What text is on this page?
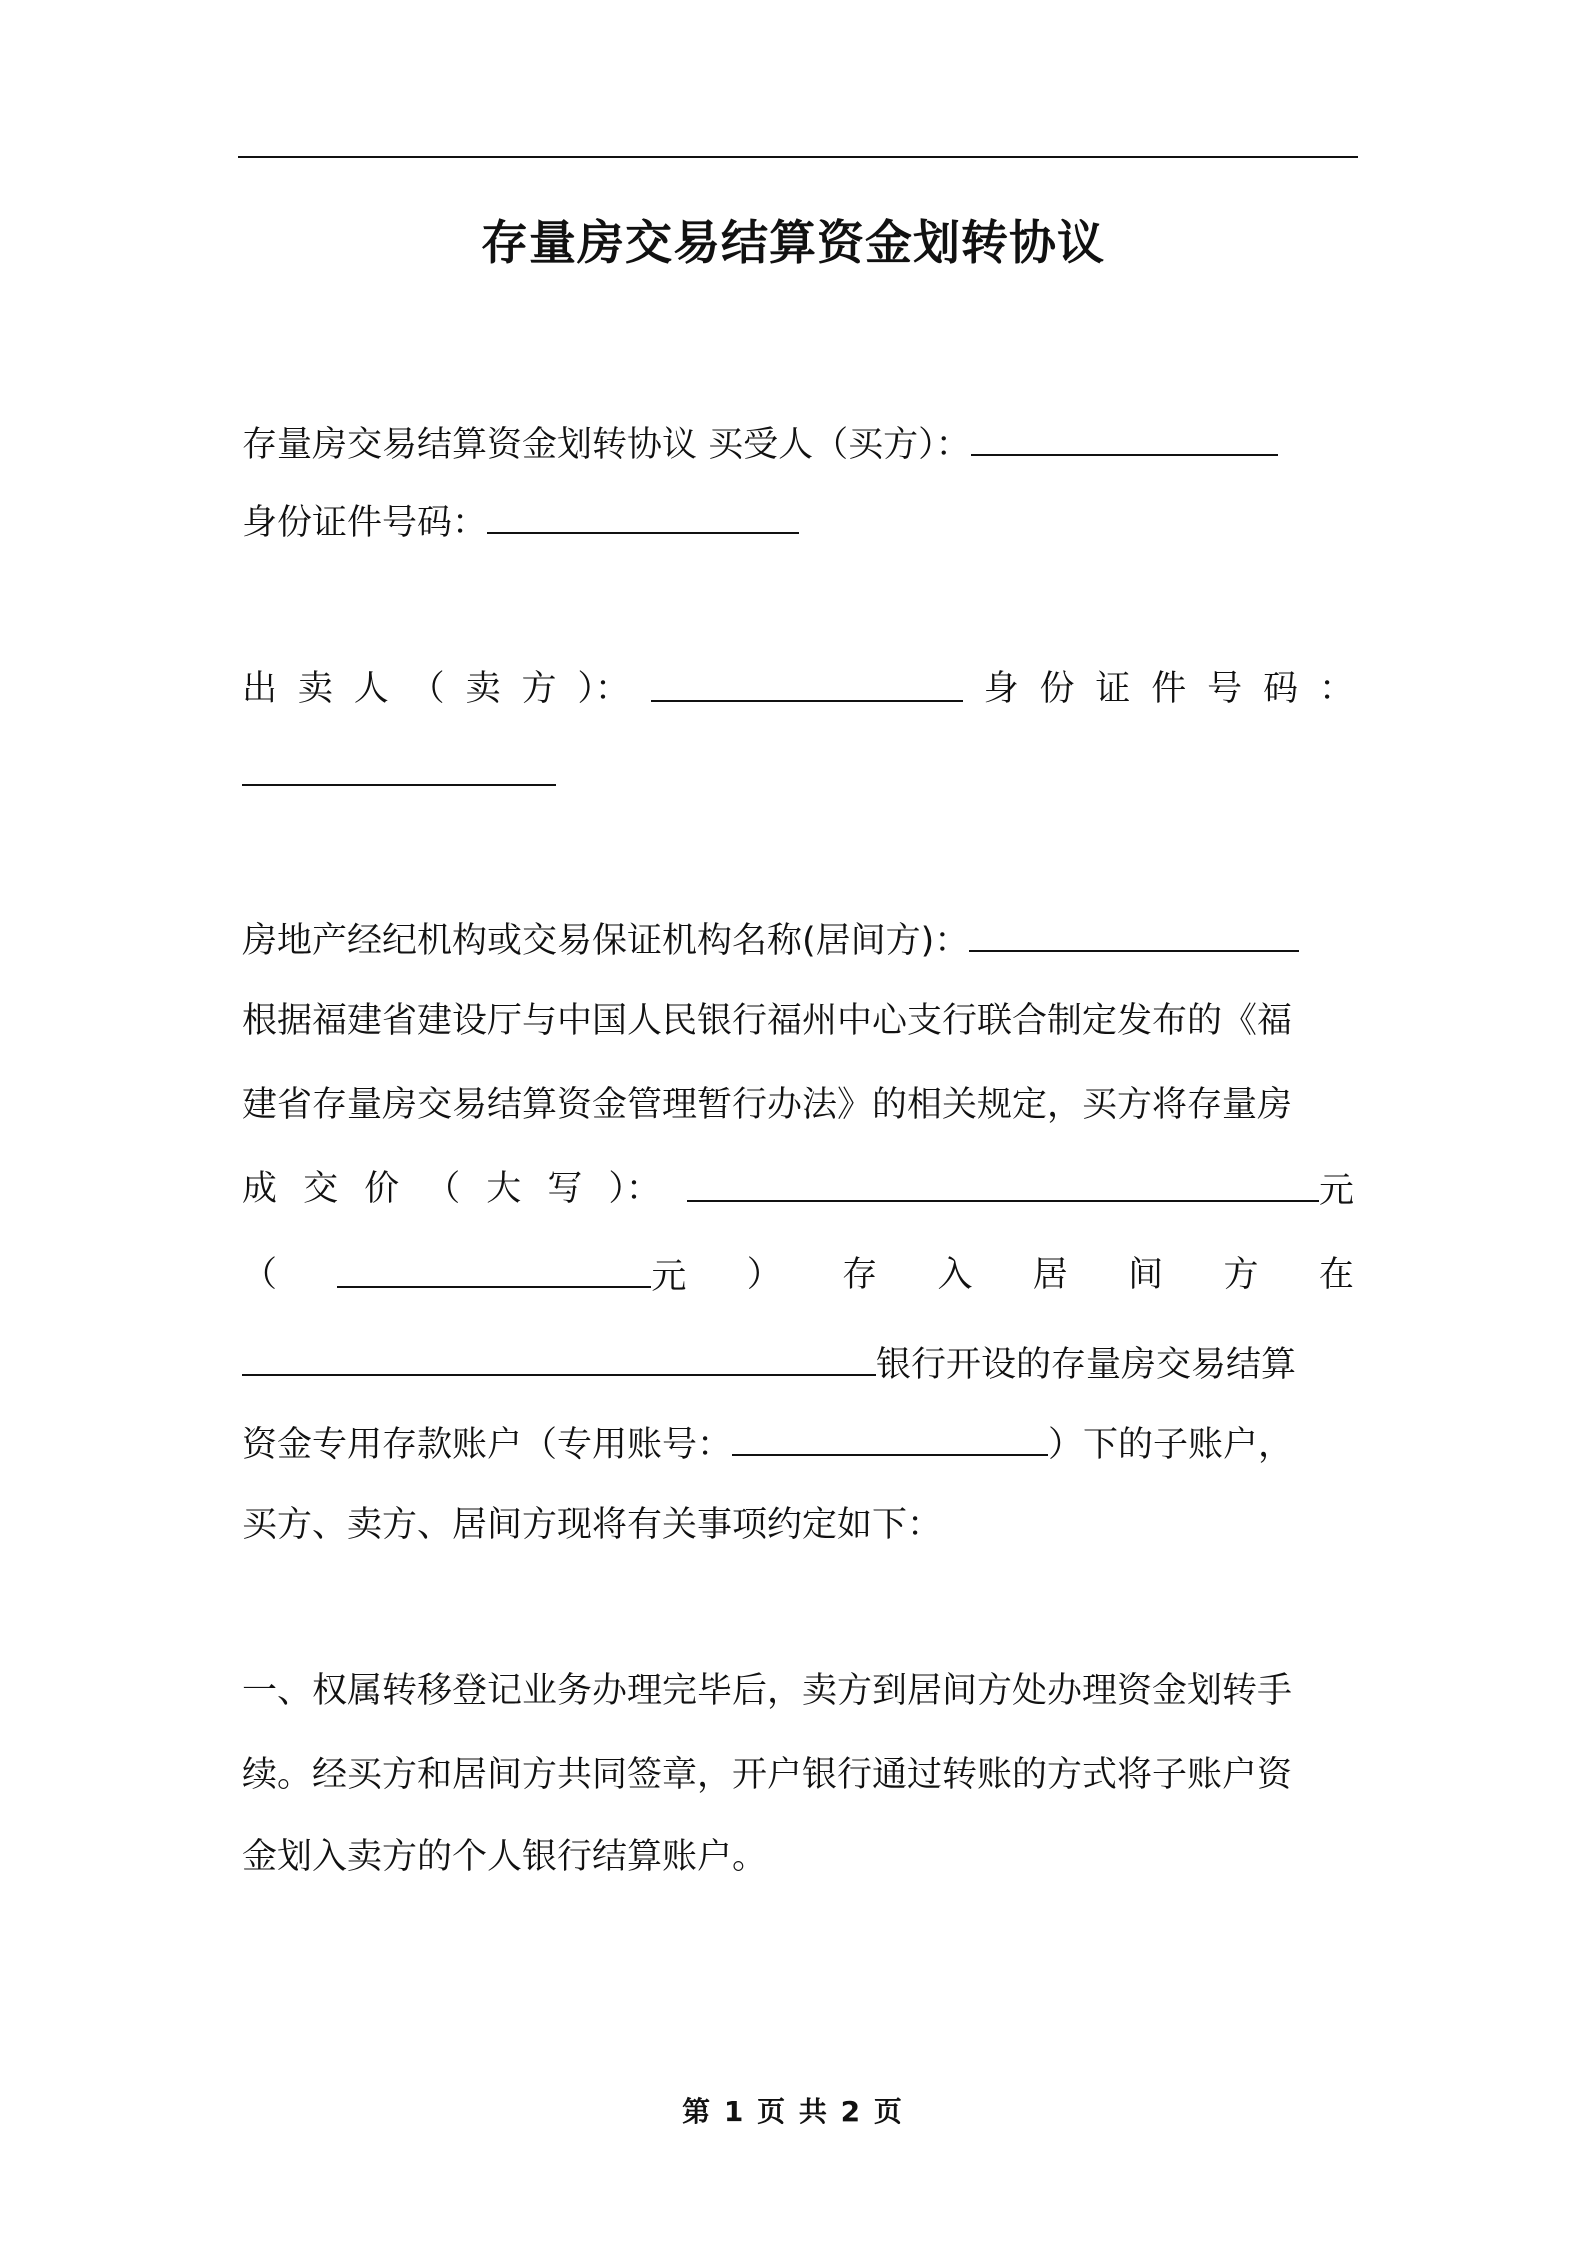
存量房交易结算资金划转协议
存量房交易结算资金划转协议 买受人（买方）：
身份证件号码：
出 卖 人 （ 卖 方 ）：	身 份 证 件 号 码 ：
房地产经纪机构或交易保证机构名称(居间方)：
根据福建省建设厅与中国人民银行福州中心支行联合制定发布的《福
建省存量房交易结算资金管理暂行办法》的相关规定，买方将存量房
成 交 价 （ 大 写 ）：	元
（	元 ） 存 入 居 间 方 在
银行开设的存量房交易结算
资金专用存款账户（专用账号：	）下的子账户，
买方、卖方、居间方现将有关事项约定如下：
一、权属转移登记业务办理完毕后，卖方到居间方处办理资金划转手
续。经买方和居间方共同签章，开户银行通过转账的方式将子账户资
金划入卖方的个人银行结算账户。
第 1 页 共 2 页
